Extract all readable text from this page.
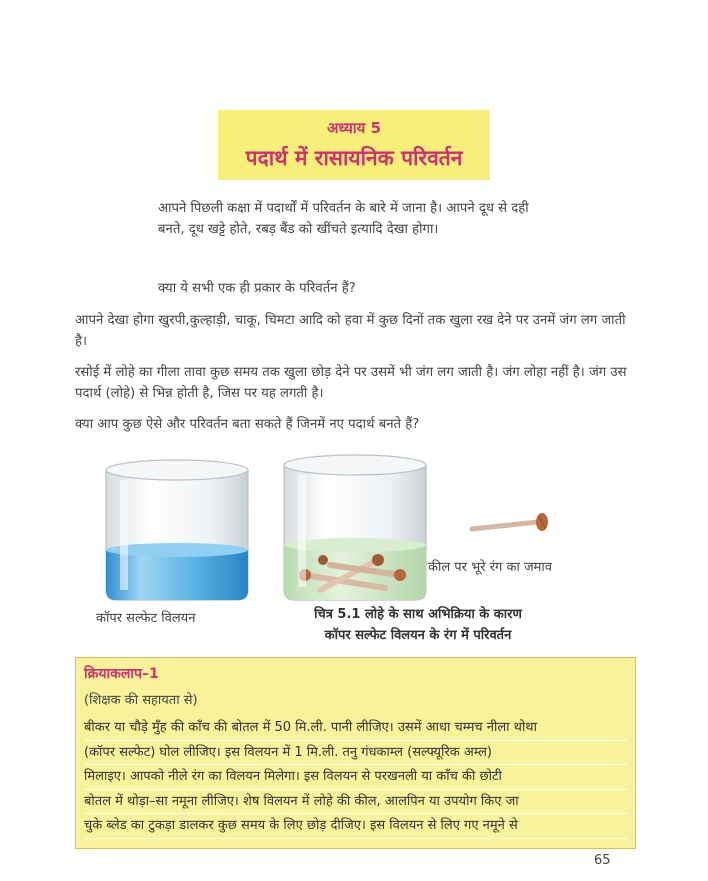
अध्याय 5
पदार्थ में रासायनिक परिवर्तन
आपने पिछली कक्षा में पदार्थों में परिवर्तन के बारे में जाना है। आपने दूध से दही बनते, दूध खट्टे होते, रबड़ बैंड को खींचते इत्यादि देखा होगा।
क्या ये सभी एक ही प्रकार के परिवर्तन हैं?
आपने देखा होगा खुरपी,कुल्हाड़ी, चाकू, चिमटा आदि को हवा में कुछ दिनों तक खुला रख देने पर उनमें जंग लग जाती है।
रसोई में लोहे का गीला तावा कुछ समय तक खुला छोड़ देने पर उसमें भी जंग लग जाती है। जंग लोहा नहीं है। जंग उस पदार्थ (लोहे) से भिन्न होती है, जिस पर यह लगती है।
क्या आप कुछ ऐसे और परिवर्तन बता सकते हैं जिनमें नए पदार्थ बनते हैं?
कॉपर सल्फेट विलयन
कील पर भूरे रंग का जमाव
चित्र 5.1 लोहे के साथ अभिक्रिया के कारण
कॉपर सल्फेट विलयन के रंग में परिवर्तन
क्रियाकलाप–1
(शिक्षक की सहायता से)
बीकर या चौड़े मुँह की काँच की बोतल में 50 मि.ली. पानी लीजिए। उसमें आधा चम्मच नीला थोथा
(कॉपर सल्फेट) घोल लीजिए। इस विलयन में 1 मि.ली. तनु गंधकाम्ल (सल्फ्यूरिक अम्ल)
मिलाइए। आपको नीले रंग का विलयन मिलेगा। इस विलयन से परखनली या काँच की छोटी
बोतल में थोड़ा–सा नमूना लीजिए। शेष विलयन में लोहे की कील, आलपिन या उपयोग किए जा
चुके ब्लेड का टुकड़ा डालकर कुछ समय के लिए छोड़ दीजिए। इस विलयन से लिए गए नमूने से
65
